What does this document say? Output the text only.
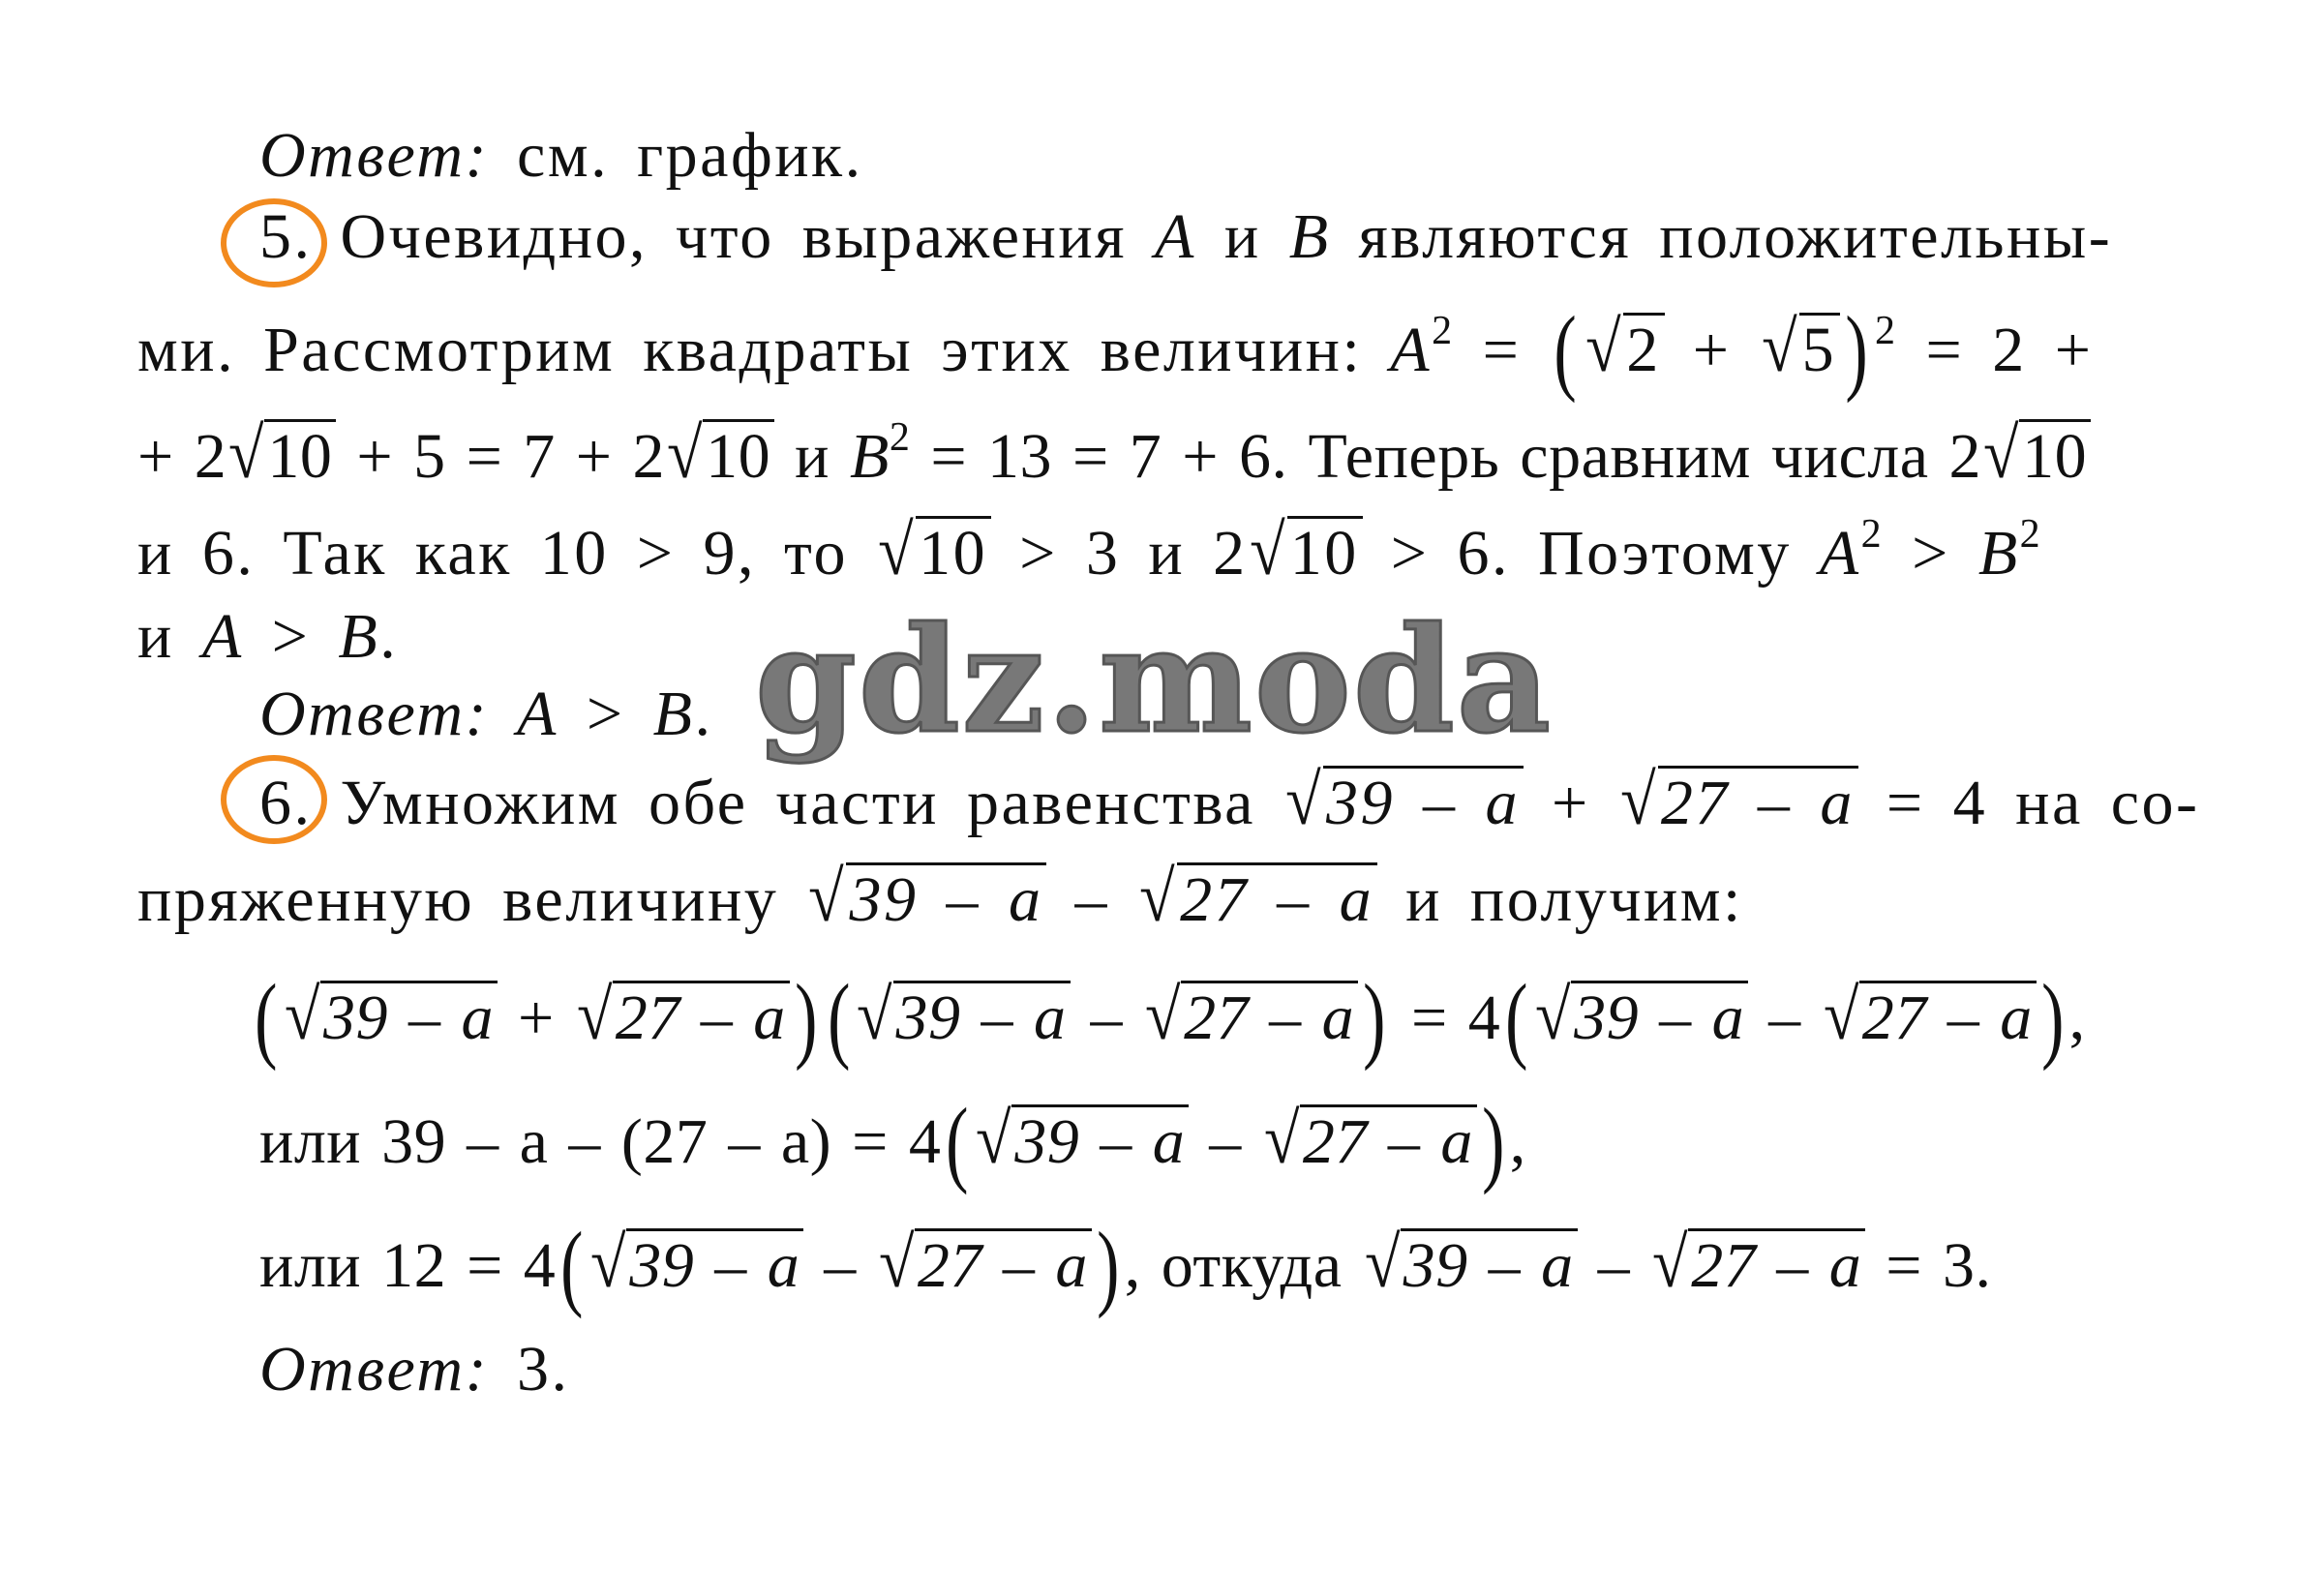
Ответ: см. график.
5. Очевидно, что выражения A и B являются положительны-
ми. Рассмотрим квадраты этих величин: $A^2$ = ( √2 + √5) $^2$ = 2 +
+ 2√10 + 5 = 7 + 2√10 и $B^2 = 13 = 7 + 6$. Теперь сравним числа 2√10
и 6. Так как 10 > 9, то √10 > 3 и 2√10 > 6. Поэтому $A^2 > B^2$
и A > B.
Ответ: A > B. gdz.moda
6. Умножим обе части равенства √39 – a + √27 – a = 4 на со-
пряженную величину √39 – a – √27 – a и получим:
(√39 – a + √27 – a) (√39 – a – √27 – a) = 4(√39 – a – √27 – a),
или 39 – a – (27 – a) = 4(√39 – a – √27 – a),
или 12 = 4(√39 – a – √27 – a), откуда √39 – a – √27 – a = 3.
Ответ: 3.
